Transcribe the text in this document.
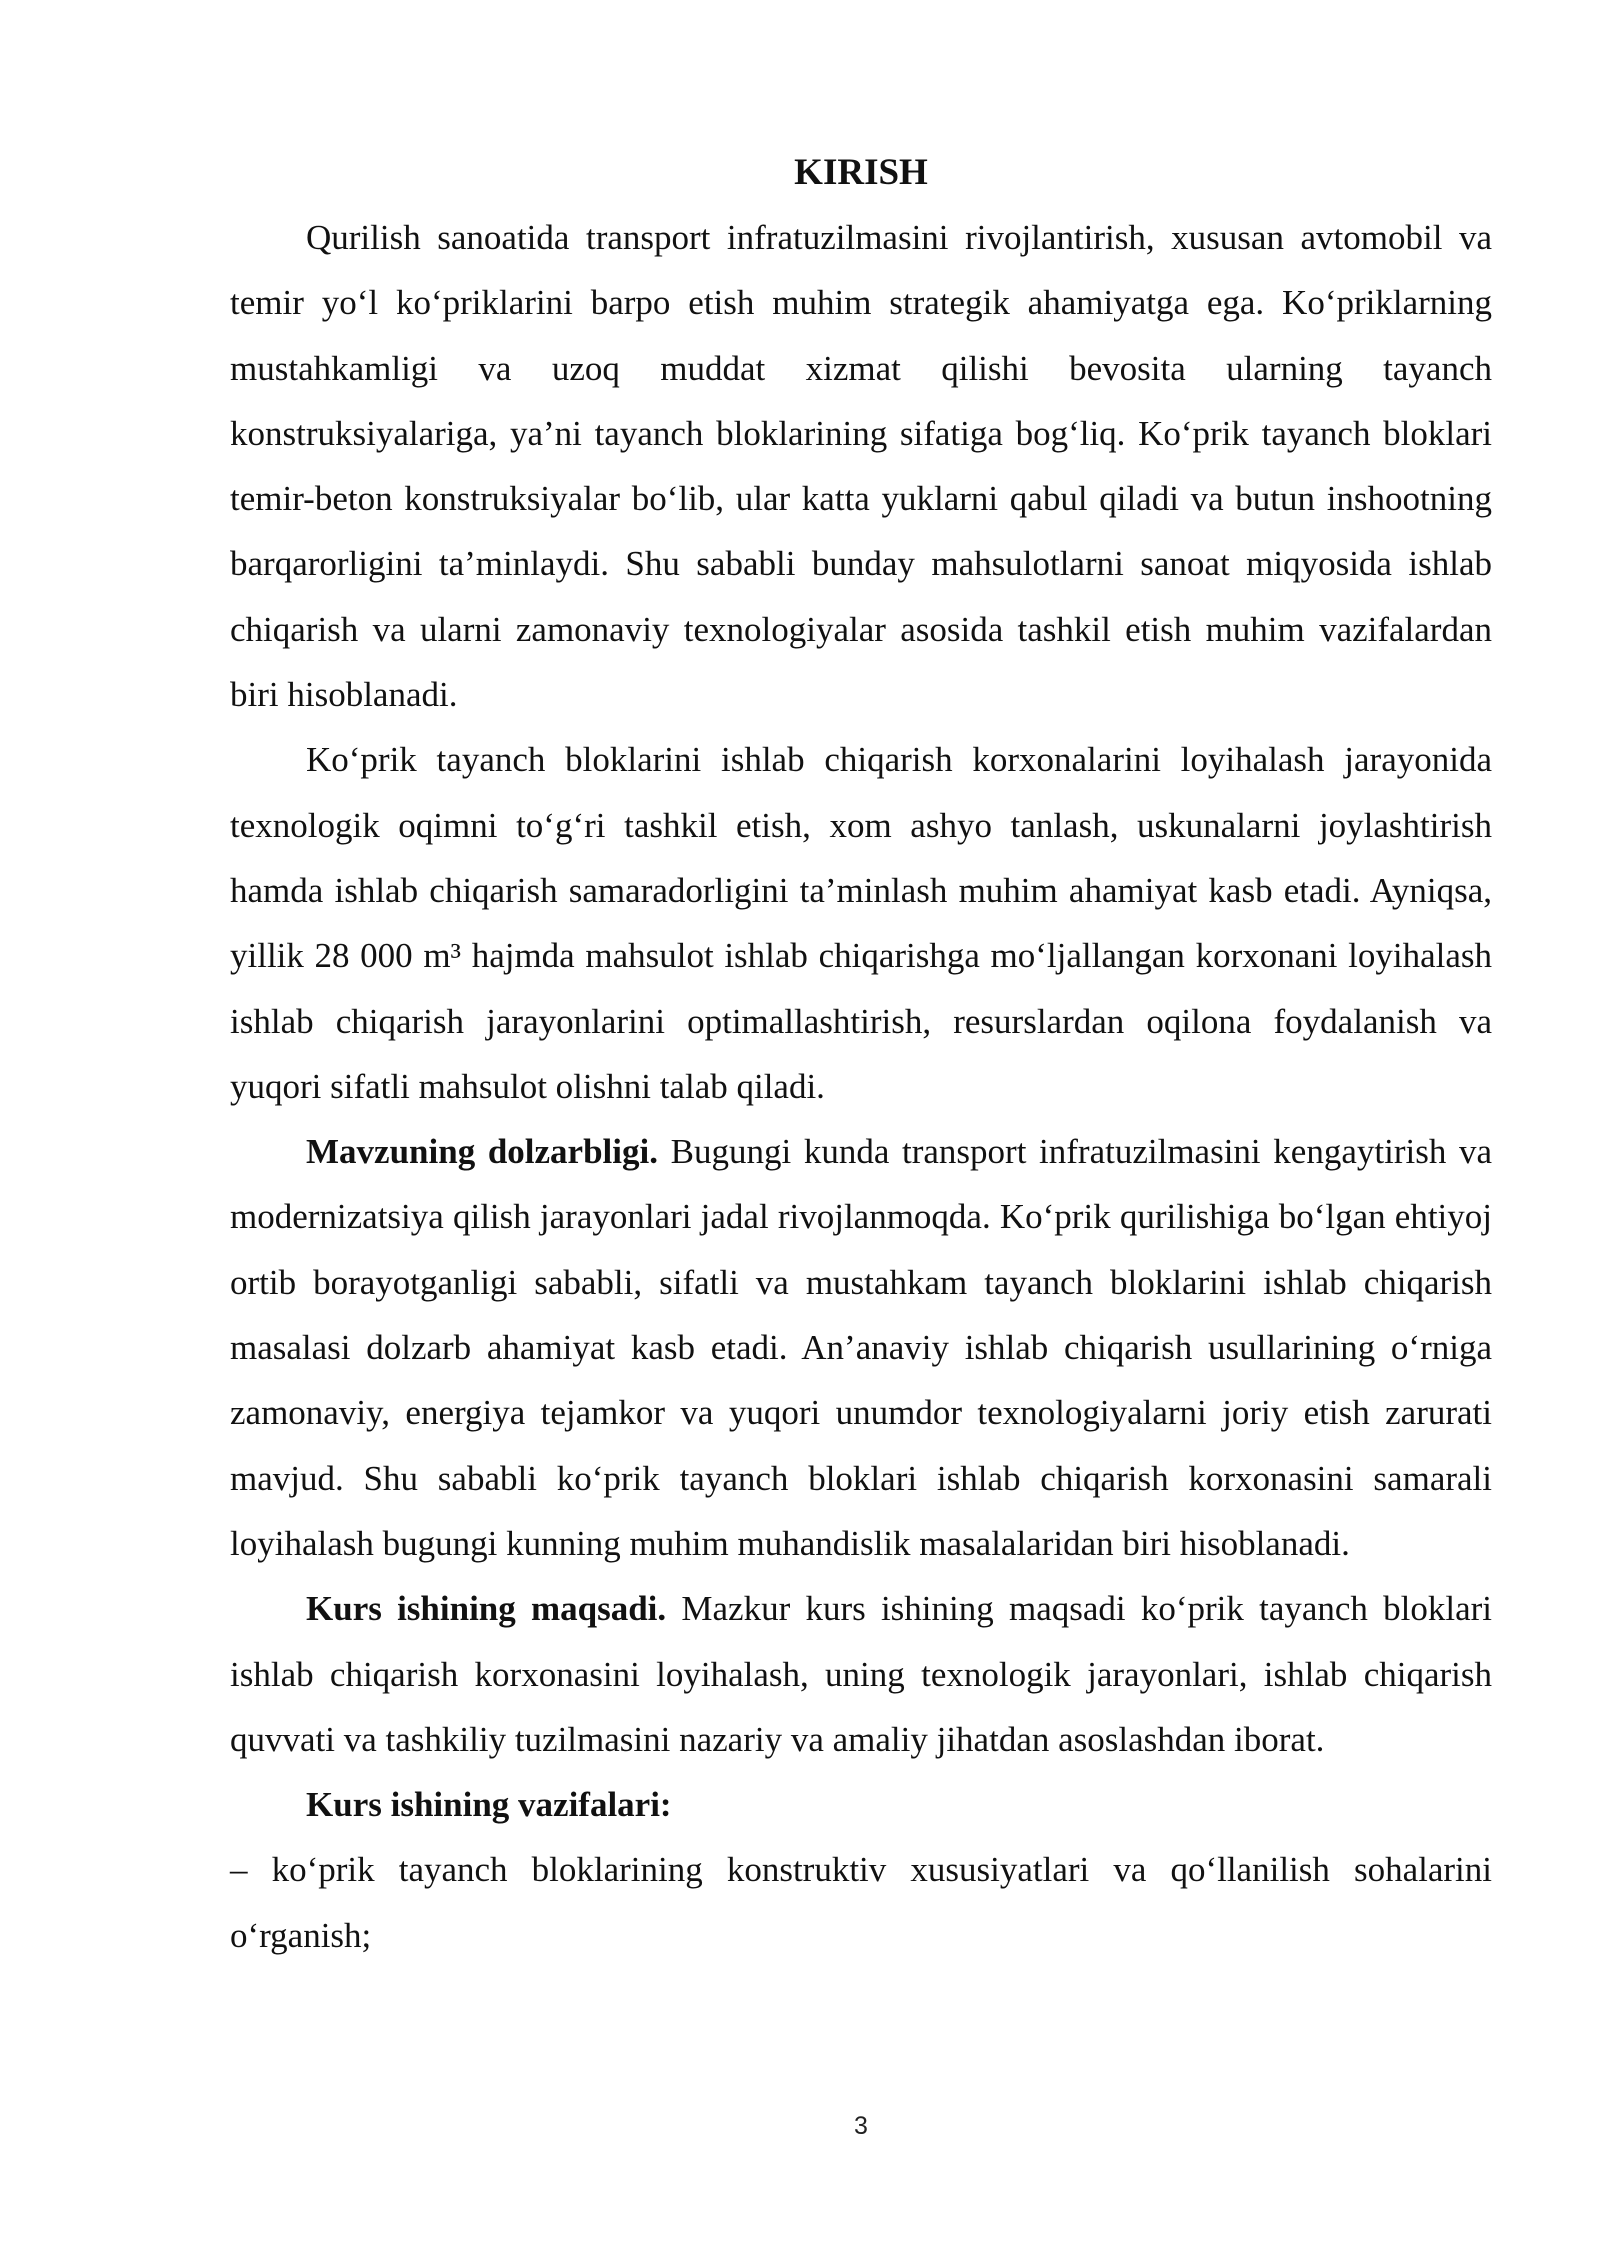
KIRISH

Qurilish sanoatida transport infratuzilmasini rivojlantirish, xususan avtomobil va temir yoʻl koʻpriklarini barpo etish muhim strategik ahamiyatga ega. Koʻpriklarning mustahkamligi va uzoq muddat xizmat qilishi bevosita ularning tayanch konstruksiyalariga, ya’ni tayanch bloklarining sifatiga bogʻliq. Koʻprik tayanch bloklari temir-beton konstruksiyalar boʻlib, ular katta yuklarni qabul qiladi va butun inshootning barqarorligini ta’minlaydi. Shu sababli bunday mahsulotlarni sanoat miqyosida ishlab chiqarish va ularni zamonaviy texnologiyalar asosida tashkil etish muhim vazifalardan biri hisoblanadi.

Koʻprik tayanch bloklarini ishlab chiqarish korxonalarini loyihalash jarayonida texnologik oqimni toʻgʻri tashkil etish, xom ashyo tanlash, uskunalarni joylashtirish hamda ishlab chiqarish samaradorligini ta’minlash muhim ahamiyat kasb etadi. Ayniqsa, yillik 28 000 m³ hajmda mahsulot ishlab chiqarishga moʻljallangan korxonani loyihalash ishlab chiqarish jarayonlarini optimallashtirish, resurslardan oqilona foydalanish va yuqori sifatli mahsulot olishni talab qiladi.

Mavzuning dolzarbligi. Bugungi kunda transport infratuzilmasini kengaytirish va modernizatsiya qilish jarayonlari jadal rivojlanmoqda. Koʻprik qurilishiga boʻlgan ehtiyoj ortib borayotganligi sababli, sifatli va mustahkam tayanch bloklarini ishlab chiqarish masalasi dolzarb ahamiyat kasb etadi. An’anaviy ishlab chiqarish usullarining oʻrniga zamonaviy, energiya tejamkor va yuqori unumdor texnologiyalarni joriy etish zarurati mavjud. Shu sababli koʻprik tayanch bloklari ishlab chiqarish korxonasini samarali loyihalash bugungi kunning muhim muhandislik masalalaridan biri hisoblanadi.

Kurs ishining maqsadi. Mazkur kurs ishining maqsadi koʻprik tayanch bloklari ishlab chiqarish korxonasini loyihalash, uning texnologik jarayonlari, ishlab chiqarish quvvati va tashkiliy tuzilmasini nazariy va amaliy jihatdan asoslashdan iborat.

Kurs ishining vazifalari:

– koʻprik tayanch bloklarining konstruktiv xususiyatlari va qoʻllanilish sohalarini oʻrganish;

3
